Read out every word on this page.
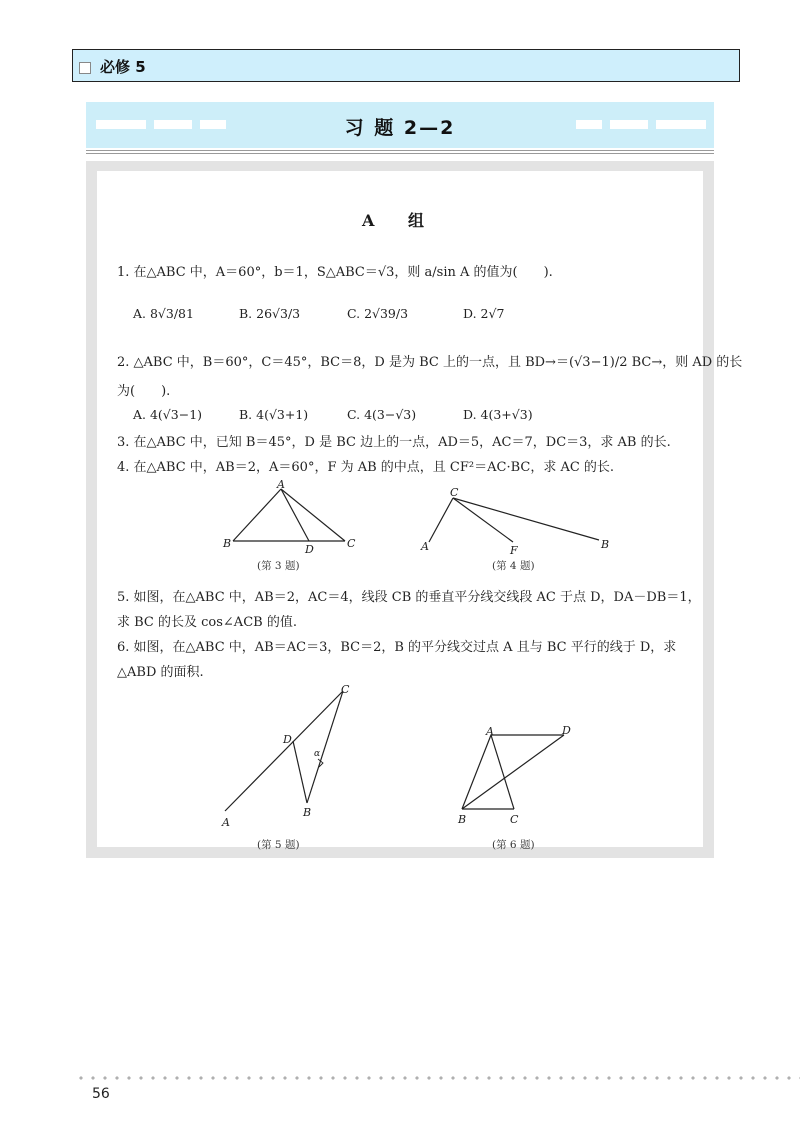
必修 5
习 题 2—2
A 组
1. 在△ABC 中，A＝60°，b＝1，S△ABC＝√3，则 a/sin A 的值为(　　).
A. 8√3/81	B. 26√3/3	C. 2√39/3	D. 2√7
2. △ABC 中，B＝60°，C＝45°，BC＝8，D 是为 BC 上的一点，且 BD→＝(√3−1)/2 BC→，则 AD 的长
为(　　).
A. 4(√3−1)	B. 4(√3+1)	C. 4(3−√3)	D. 4(3+√3)
3. 在△ABC 中，已知 B＝45°，D 是 BC 边上的一点，AD＝5，AC＝7，DC＝3，求 AB 的长.
4. 在△ABC 中，AB＝2，A＝60°，F 为 AB 的中点，且 CF²＝AC·BC，求 AC 的长.
A
B	D	C
(第 3 题)
C
A	F	B
(第 4 题)
5. 如图，在△ABC 中，AB＝2，AC＝4，线段 CB 的垂直平分线交线段 AC 于点 D，DA－DB＝1，
求 BC 的长及 cos∠ACB 的值.
6. 如图，在△ABC 中，AB＝AC＝3，BC＝2，B 的平分线交过点 A 且与 BC 平行的线于 D，求
△ABD 的面积.
C
D
α
B
A
(第 5 题)
A	D
B	C
(第 6 题)
56
